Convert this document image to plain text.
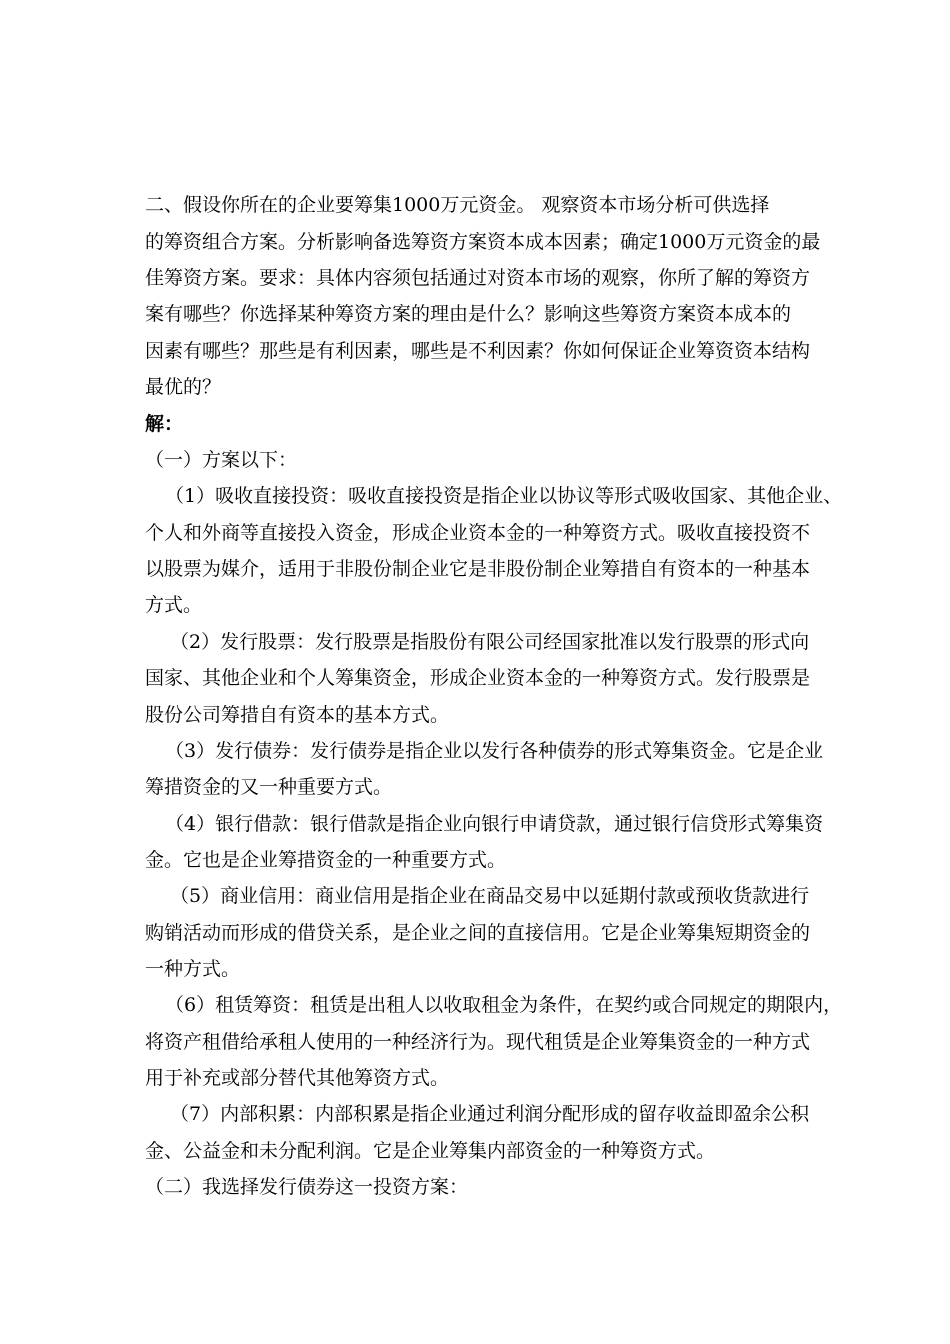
二、假设你所在的企业要筹集1000万元资金。 观察资本市场分析可供选择
的筹资组合方案。分析影响备选筹资方案资本成本因素；确定1000万元资金的最
佳筹资方案。要求：具体内容须包括通过对资本市场的观察，你所了解的筹资方
案有哪些？你选择某种筹资方案的理由是什么？影响这些筹资方案资本成本的
因素有哪些？那些是有利因素，哪些是不利因素？你如何保证企业筹资资本结构
最优的？
解：
（一）方案以下：
（1）吸收直接投资：吸收直接投资是指企业以协议等形式吸收国家、其他企业、
个人和外商等直接投入资金，形成企业资本金的一种筹资方式。吸收直接投资不
以股票为媒介，适用于非股份制企业它是非股份制企业筹措自有资本的一种基本
方式。
（2）发行股票：发行股票是指股份有限公司经国家批准以发行股票的形式向
国家、其他企业和个人筹集资金，形成企业资本金的一种筹资方式。发行股票是
股份公司筹措自有资本的基本方式。
（3）发行债券：发行债券是指企业以发行各种债券的形式筹集资金。它是企业
筹措资金的又一种重要方式。
（4）银行借款：银行借款是指企业向银行申请贷款，通过银行信贷形式筹集资
金。它也是企业筹措资金的一种重要方式。
（5）商业信用：商业信用是指企业在商品交易中以延期付款或预收货款进行
购销活动而形成的借贷关系，是企业之间的直接信用。它是企业筹集短期资金的
一种方式。
（6）租赁筹资：租赁是出租人以收取租金为条件，在契约或合同规定的期限内，
将资产租借给承租人使用的一种经济行为。现代租赁是企业筹集资金的一种方式
用于补充或部分替代其他筹资方式。
（7）内部积累：内部积累是指企业通过利润分配形成的留存收益即盈余公积
金、公益金和未分配利润。它是企业筹集内部资金的一种筹资方式。
（二）我选择发行债券这一投资方案：
